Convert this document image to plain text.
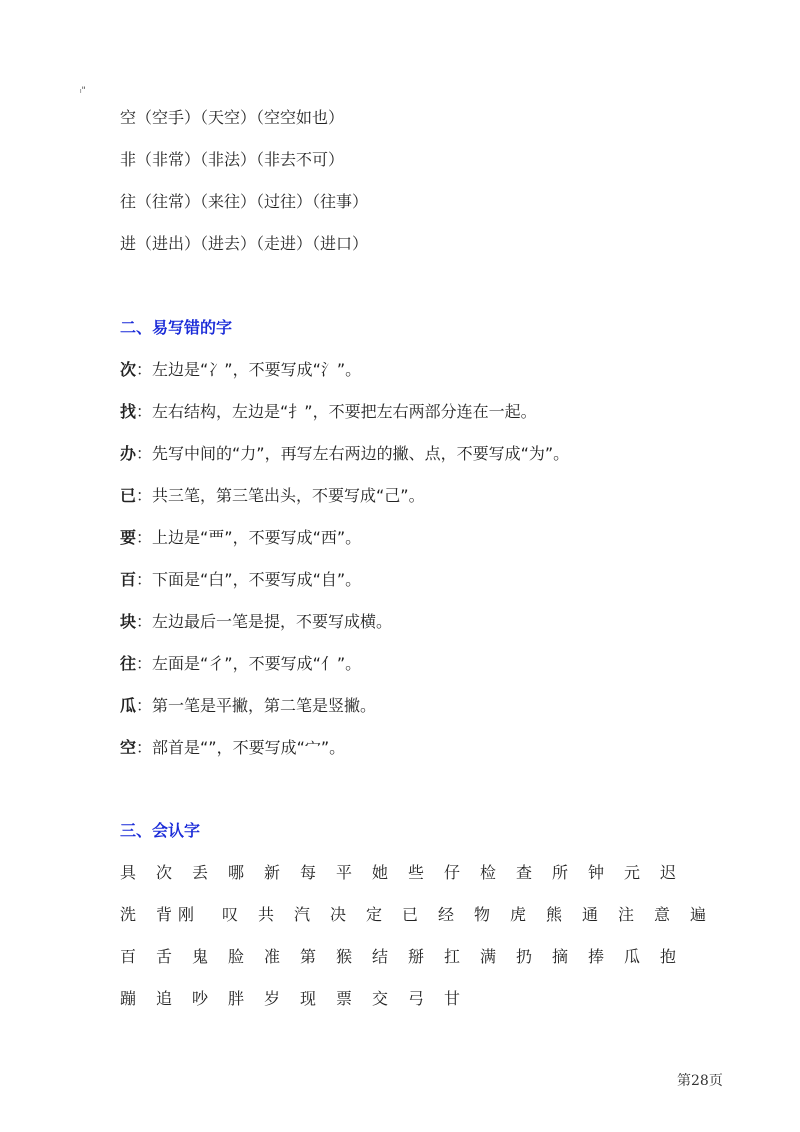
ₗ"
空（空手）（天空）（空空如也）
非（非常）（非法）（非去不可）
往（往常）（来往）（过往）（往事）
进（进出）（进去）（走进）（进口）
二、易写错的字
次：左边是“冫”，不要写成“氵”。
找：左右结构，左边是“扌”，不要把左右两部分连在一起。
办：先写中间的“力”，再写左右两边的撇、点，不要写成“为”。
已：共三笔，第三笔出头，不要写成“己”。
要：上边是“覀”，不要写成“西”。
百：下面是“白”，不要写成“自”。
块：左边最后一笔是提，不要写成横。
往：左面是“彳”，不要写成“亻”。
瓜：第一笔是平撇，第二笔是竖撇。
空：部首是“”，不要写成“宀”。
三、会认字
具 次 丢 哪 新 每 平 她 些 仔 检 查 所 钟 元 迟
洗 背刚 叹 共 汽 决 定 已 经 物 虎 熊 通 注 意 遍
百 舌 鬼 脸 准 第 猴 结 掰 扛 满 扔 摘 捧 瓜 抱
蹦 追 吵 胖 岁 现 票 交 弓 甘
第28页
